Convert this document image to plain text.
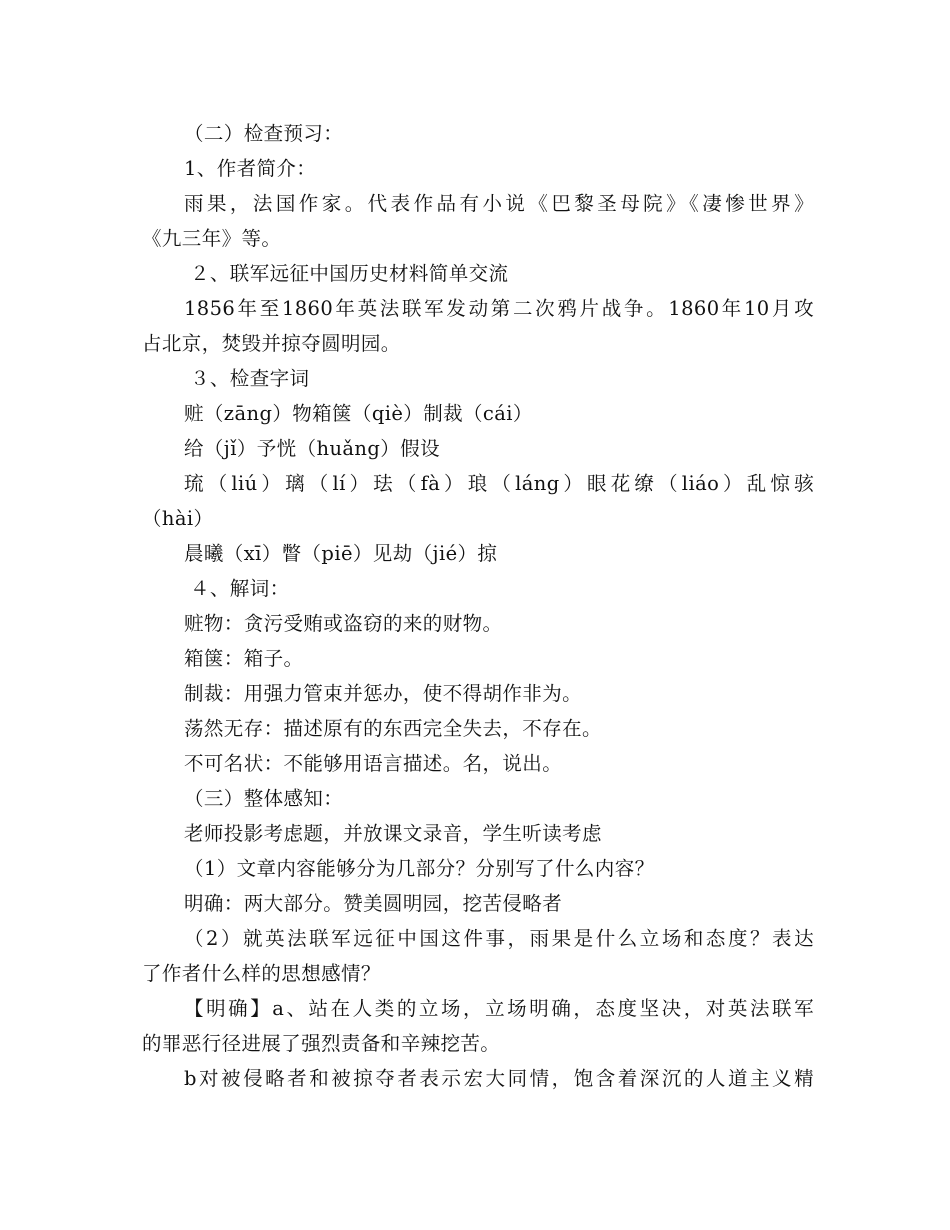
（二）检查预习：
1、作者简介：
雨果，法国作家。代表作品有小说《巴黎圣母院》《凄惨世界》
《九三年》等。
２、联军远征中国历史材料简单交流
1856年至1860年英法联军发动第二次鸦片战争。1860年10月攻
占北京，焚毁并掠夺圆明园。
３、检查字词
赃（zāng）物箱箧（qiè）制裁（cái）
给（jǐ）予恍（huǎng）假设
琉（liú）璃（lí）珐（fà）琅（láng）眼花缭（liáo）乱惊骇
（hài）
晨曦（xī）瞥（piē）见劫（jié）掠
４、解词：
赃物：贪污受贿或盗窃的来的财物。
箱箧：箱子。
制裁：用强力管束并惩办，使不得胡作非为。
荡然无存：描述原有的东西完全失去，不存在。
不可名状：不能够用语言描述。名，说出。
（三）整体感知：
老师投影考虑题，并放课文录音，学生听读考虑
（1）文章内容能够分为几部分？分别写了什么内容？
明确：两大部分。赞美圆明园，挖苦侵略者
（2）就英法联军远征中国这件事，雨果是什么立场和态度？表达
了作者什么样的思想感情？
【明确】a、站在人类的立场，立场明确，态度坚决，对英法联军
的罪恶行径进展了强烈责备和辛辣挖苦。
b对被侵略者和被掠夺者表示宏大同情，饱含着深沉的人道主义精
